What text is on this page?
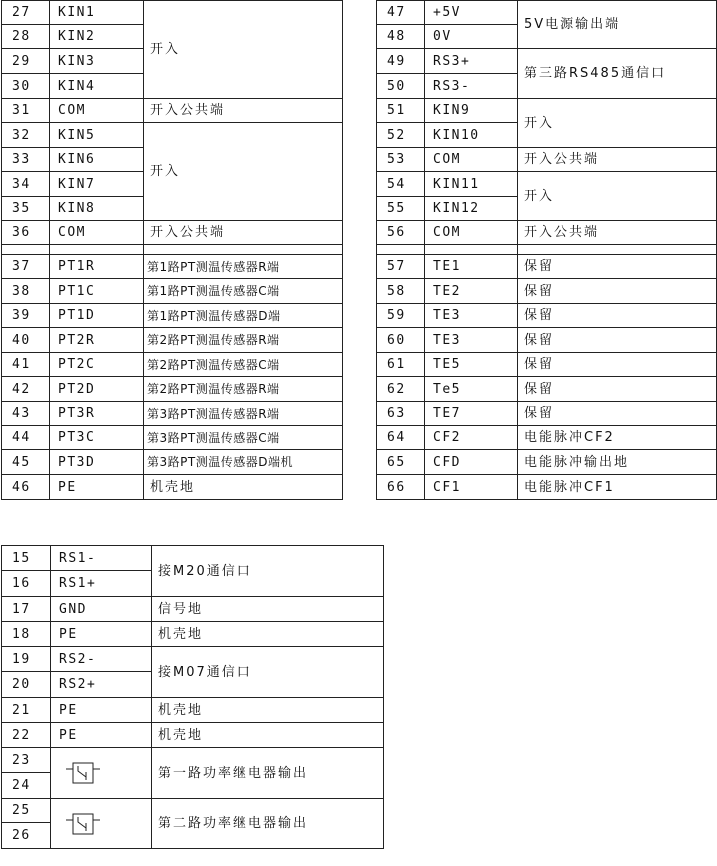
27	KIN1	开入
28	KIN2	
29	KIN3	
30	KIN4	
31	COM	开入公共端
32	KIN5	开入
33	KIN6	
34	KIN7	
35	KIN8	
36	COM	开入公共端

37	PT1R	第1路PT测温传感器R端
38	PT1C	第1路PT测温传感器C端
39	PT1D	第1路PT测温传感器D端
40	PT2R	第2路PT测温传感器R端
41	PT2C	第2路PT测温传感器C端
42	PT2D	第2路PT测温传感器R端
43	PT3R	第3路PT测温传感器R端
44	PT3C	第3路PT测温传感器C端
45	PT3D	第3路PT测温传感器D端机
46	PE	机壳地
47	+5V	5V电源输出端
48	0V	
49	RS3+	第三路RS485通信口
50	RS3-	
51	KIN9	开入
52	KIN10	
53	COM	开入公共端
54	KIN11	开入
55	KIN12	
56	COM	开入公共端

57	TE1	保留
58	TE2	保留
59	TE3	保留
60	TE3	保留
61	TE5	保留
62	Te5	保留
63	TE7	保留
64	CF2	电能脉冲CF2
65	CFD	电能脉冲输出地
66	CF1	电能脉冲CF1
15	RS1-	接M20通信口
16	RS1+	
17	GND	信号地
18	PE	机壳地
19	RS2-	接M07通信口
20	RS2+	
21	PE	机壳地
22	PE	机壳地
23		第一路功率继电器输出
24		
25		第二路功率继电器输出
26		
